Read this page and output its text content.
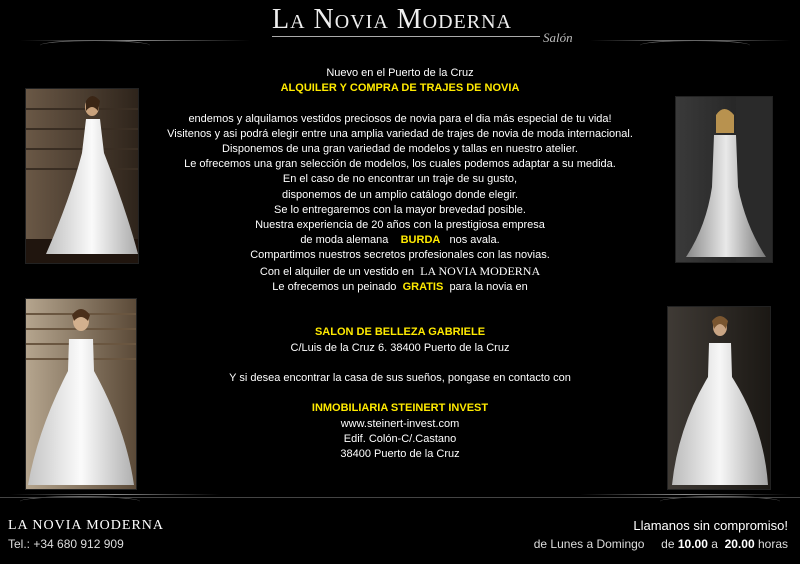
La Novia Moderna
Salón
Nuevo en el Puerto de la Cruz
ALQUILER Y COMPRA DE TRAJES DE NOVIA
endemos y alquilamos vestidos preciosos de novia para el dia más especial de tu vida!
Visitenos y asi podrá elegir entre una amplia variedad de trajes de novia de moda internacional.
Disponemos de una gran variedad de modelos y tallas en nuestro atelier.
Le ofrecemos una gran selección de modelos, los cuales podemos adaptar a su medida.
En el caso de no encontrar un traje de su gusto,
disponemos de un amplio catálogo donde elegir.
Se lo entregaremos con la mayor brevedad posible.
Nuestra experiencia de 20 años con la prestigiosa empresa
de moda alemana BURDA nos avala.
Compartimos nuestros secretos profesionales con las novias.
Con el alquiler de un vestido en LA NOVIA MODERNA
Le ofrecemos un peinado GRATIS para la novia en
SALON DE BELLEZA GABRIELE
C/Luis de la Cruz 6. 38400 Puerto de la Cruz
Y si desea encontrar la casa de sus sueños, pongase en contacto con
INMOBILIARIA STEINERT INVEST
www.steinert-invest.com
Edif. Colón-C/.Castano
38400 Puerto de la Cruz
LA NOVIA MODERNA
Tel.: +34 680 912 909
Llamanos sin compromiso!
de Lunes a Domingo de 10.00 a 20.00 horas
